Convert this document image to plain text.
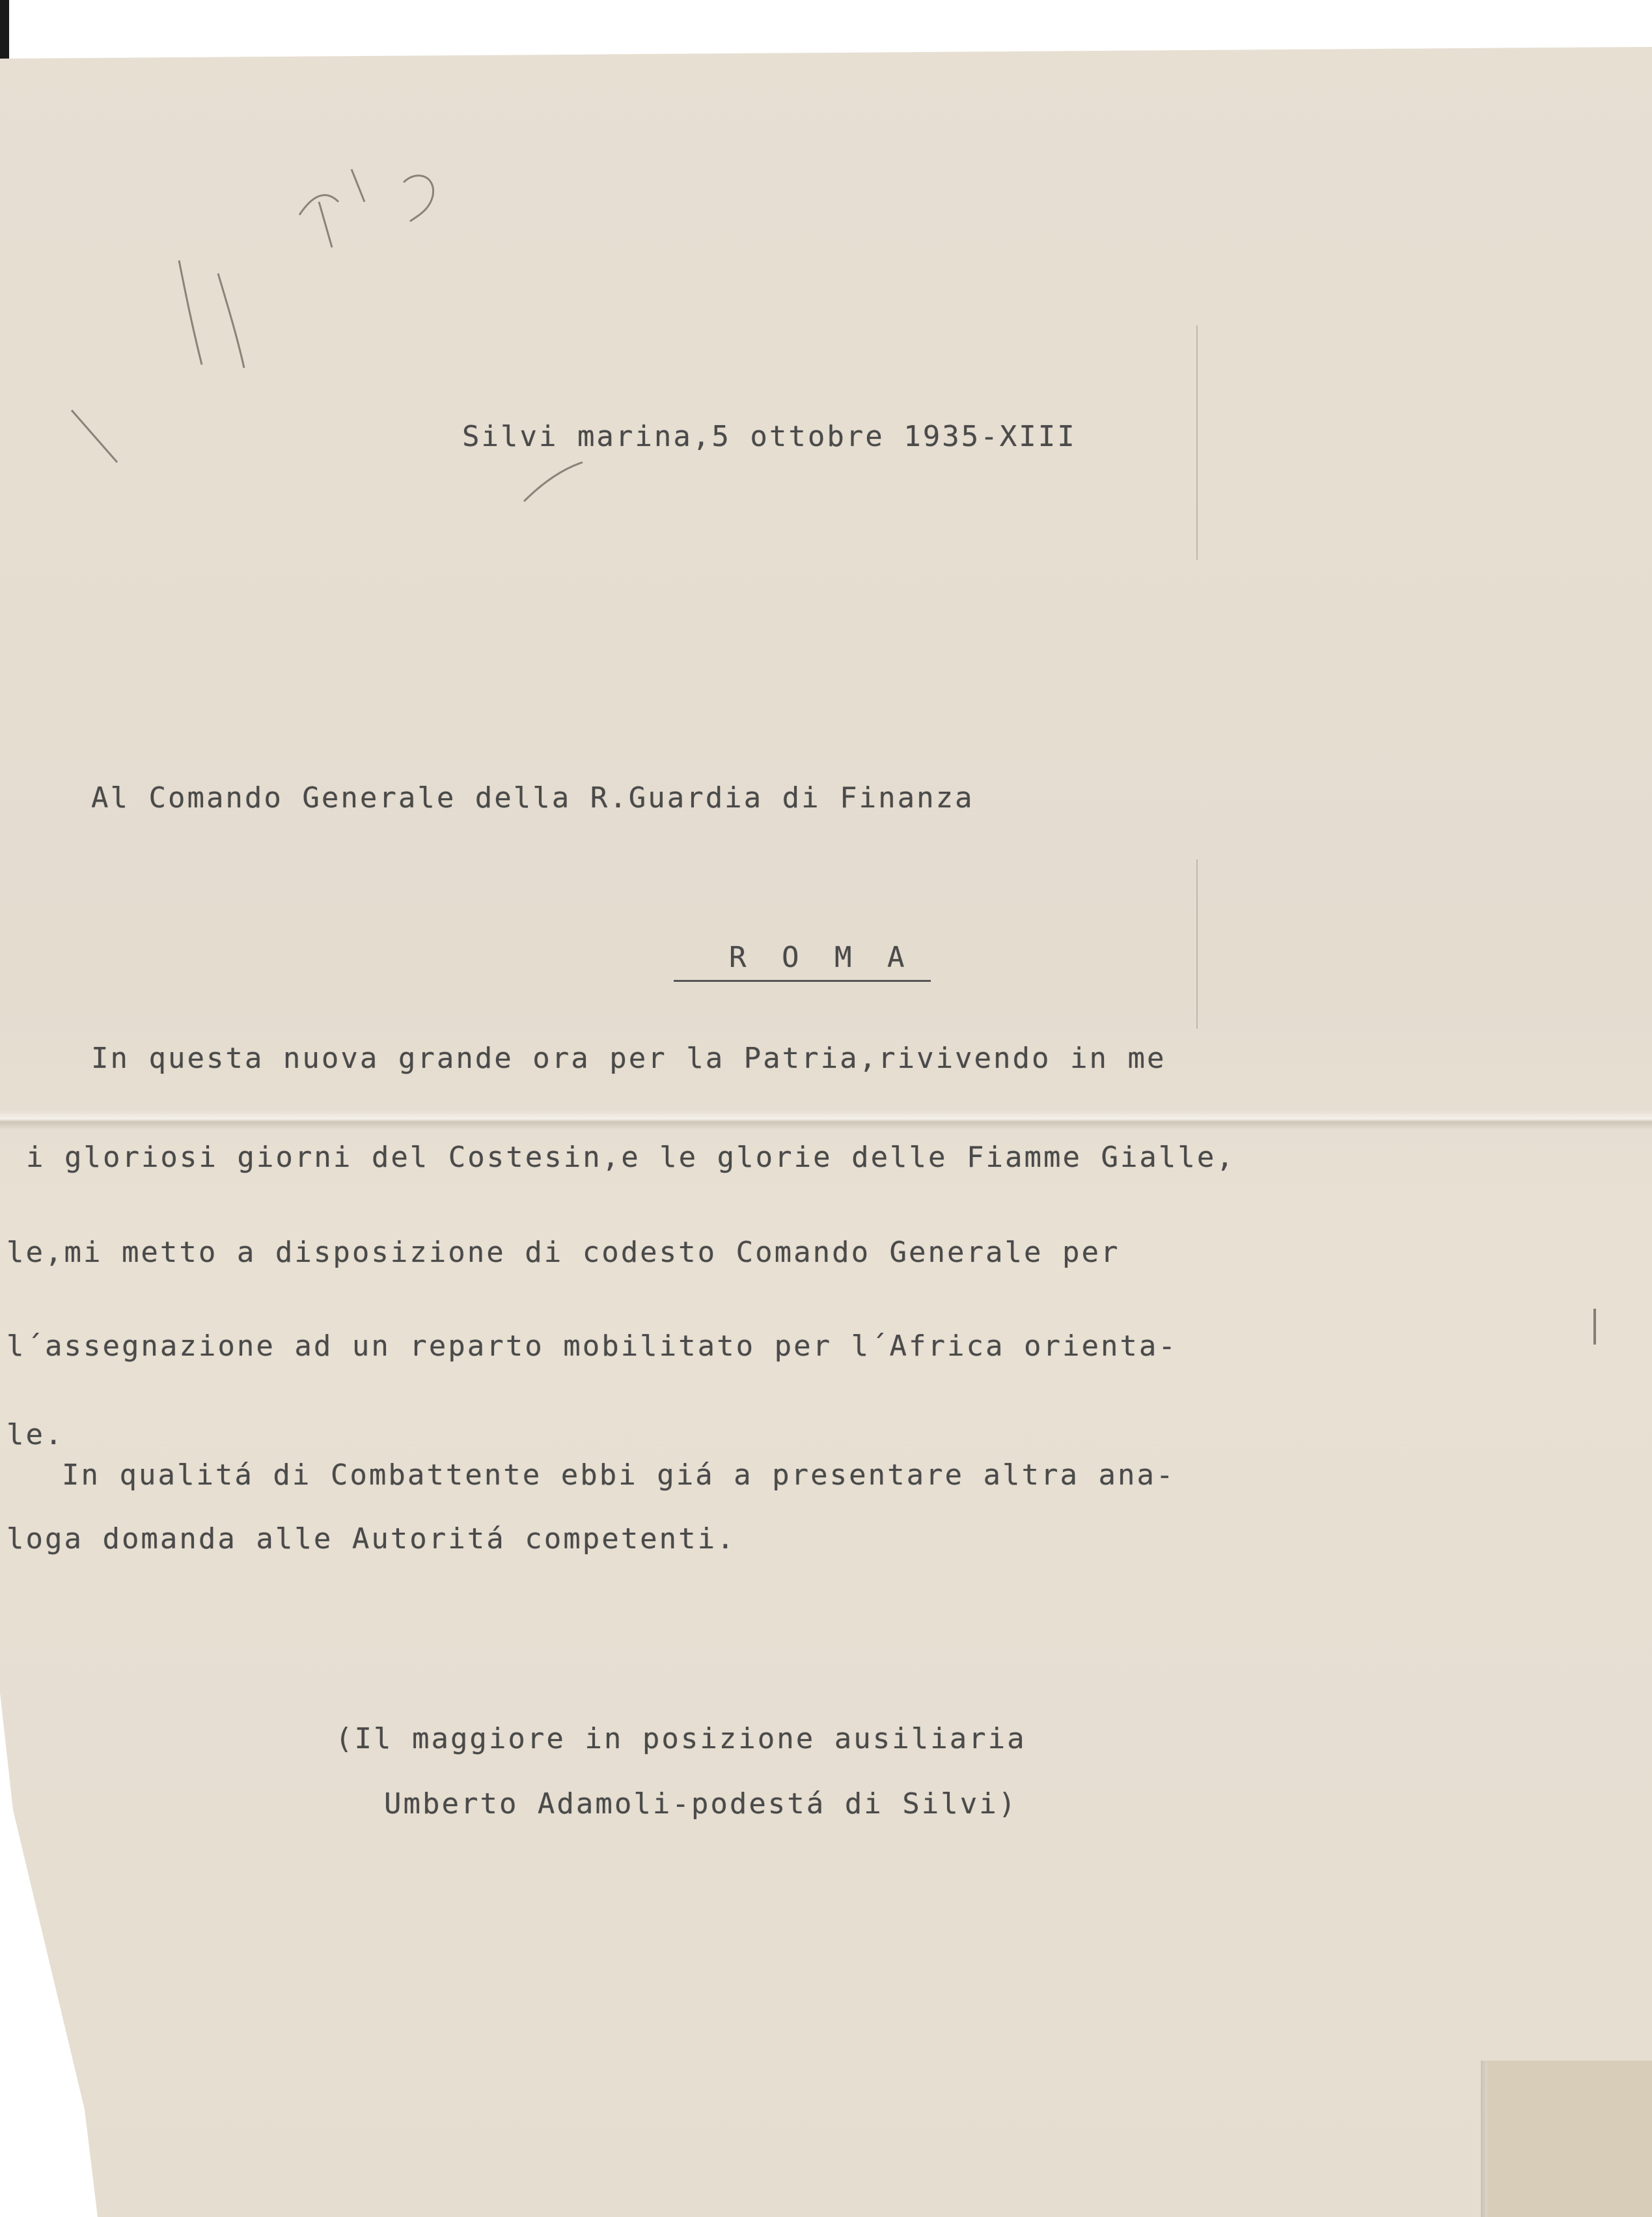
Silvi marina,5 ottobre 1935-XIII
Al Comando Generale della R.Guardia di Finanza
R O M A
In questa nuova grande ora per la Patria,rivivendo in me
i gloriosi giorni del Costesin,e le glorie delle Fiamme Gialle,
le,mi metto a disposizione di codesto Comando Generale per
l´assegnazione ad un reparto mobilitato per l´Africa orienta-
le.
In qualitá di Combattente ebbi giá a presentare altra ana-
loga domanda alle Autoritá competenti.
(Il maggiore in posizione ausiliaria
Umberto Adamoli-podestá di Silvi)
